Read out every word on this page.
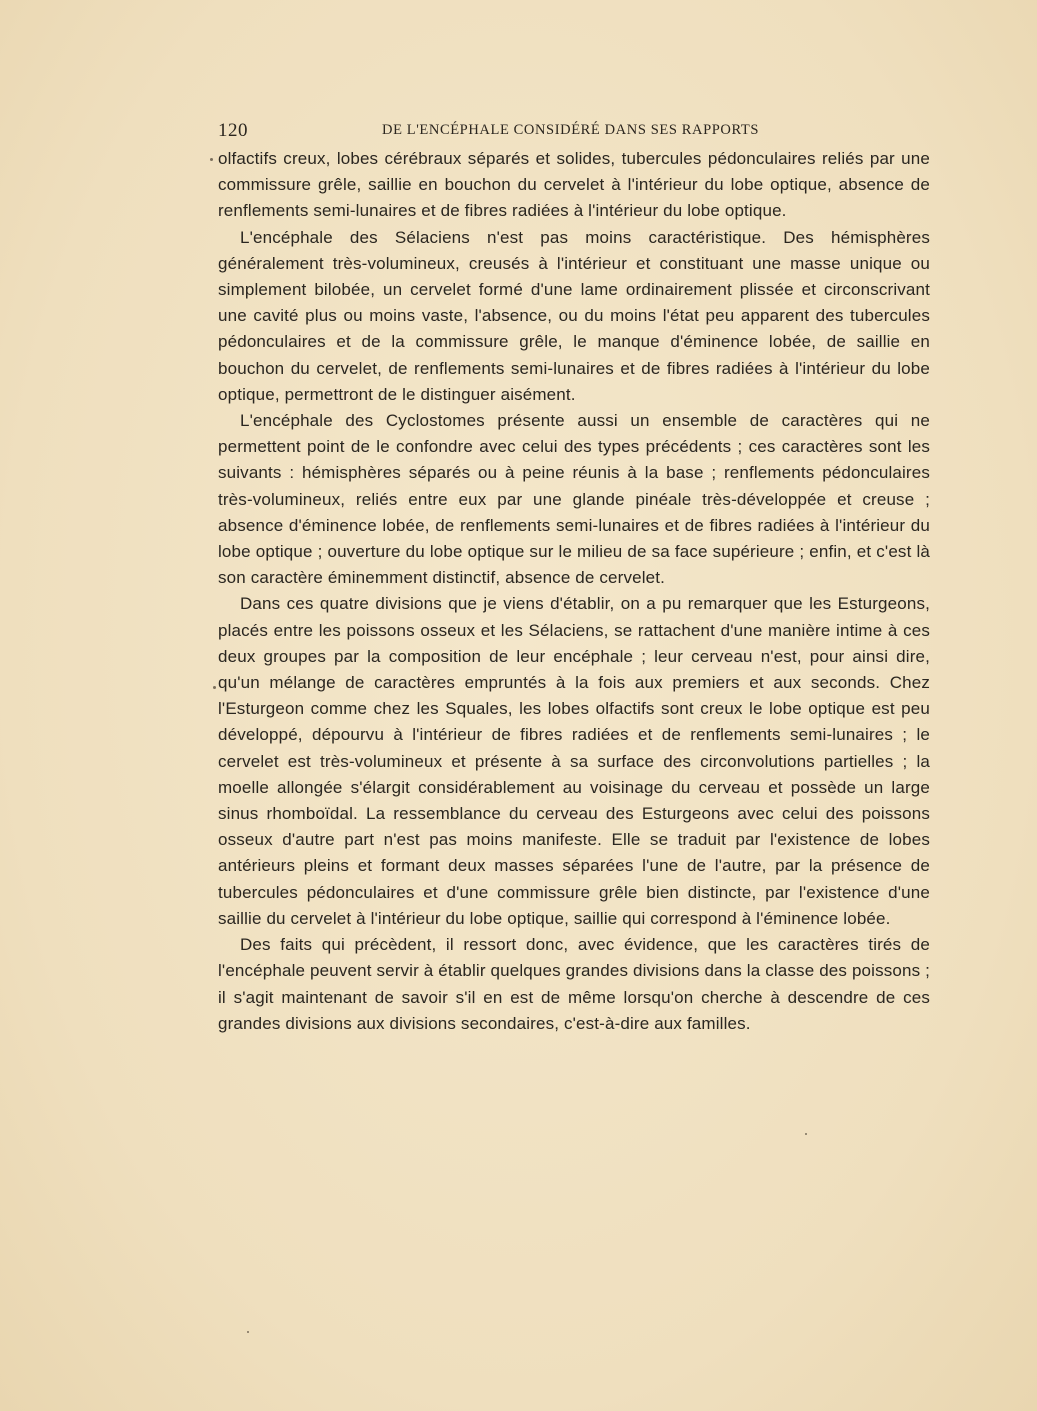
120	DE L'ENCÉPHALE CONSIDÉRÉ DANS SES RAPPORTS

olfactifs creux, lobes cérébraux séparés et solides, tubercules pédonculaires reliés par une commissure grêle, saillie en bouchon du cervelet à l'intérieur du lobe optique, absence de renflements semi-lunaires et de fibres radiées à l'intérieur du lobe optique.

L'encéphale des Sélaciens n'est pas moins caractéristique. Des hémisphères généralement très-volumineux, creusés à l'intérieur et constituant une masse unique ou simplement bilobée, un cervelet formé d'une lame ordinairement plissée et circonscrivant une cavité plus ou moins vaste, l'absence, ou du moins l'état peu apparent des tubercules pédonculaires et de la commissure grêle, le manque d'éminence lobée, de saillie en bouchon du cervelet, de renflements semi-lunaires et de fibres radiées à l'intérieur du lobe optique, permettront de le distinguer aisément.

L'encéphale des Cyclostomes présente aussi un ensemble de caractères qui ne permettent point de le confondre avec celui des types précédents ; ces caractères sont les suivants : hémisphères séparés ou à peine réunis à la base ; renflements pédonculaires très-volumineux, reliés entre eux par une glande pinéale très-développée et creuse ; absence d'éminence lobée, de renflements semi-lunaires et de fibres radiées à l'intérieur du lobe optique ; ouverture du lobe optique sur le milieu de sa face supérieure ; enfin, et c'est là son caractère éminemment distinctif, absence de cervelet.

Dans ces quatre divisions que je viens d'établir, on a pu remarquer que les Esturgeons, placés entre les poissons osseux et les Sélaciens, se rattachent d'une manière intime à ces deux groupes par la composition de leur encéphale ; leur cerveau n'est, pour ainsi dire, qu'un mélange de caractères empruntés à la fois aux premiers et aux seconds. Chez l'Esturgeon comme chez les Squales, les lobes olfactifs sont creux le lobe optique est peu développé, dépourvu à l'intérieur de fibres radiées et de renflements semi-lunaires ; le cervelet est très-volumineux et présente à sa surface des circonvolutions partielles ; la moelle allongée s'élargit considérablement au voisinage du cerveau et possède un large sinus rhomboïdal. La ressemblance du cerveau des Esturgeons avec celui des poissons osseux d'autre part n'est pas moins manifeste. Elle se traduit par l'existence de lobes antérieurs pleins et formant deux masses séparées l'une de l'autre, par la présence de tubercules pédonculaires et d'une commissure grêle bien distincte, par l'existence d'une saillie du cervelet à l'intérieur du lobe optique, saillie qui correspond à l'éminence lobée.

Des faits qui précèdent, il ressort donc, avec évidence, que les caractères tirés de l'encéphale peuvent servir à établir quelques grandes divisions dans la classe des poissons ; il s'agit maintenant de savoir s'il en est de même lorsqu'on cherche à descendre de ces grandes divisions aux divisions secondaires, c'est-à-dire aux familles.
